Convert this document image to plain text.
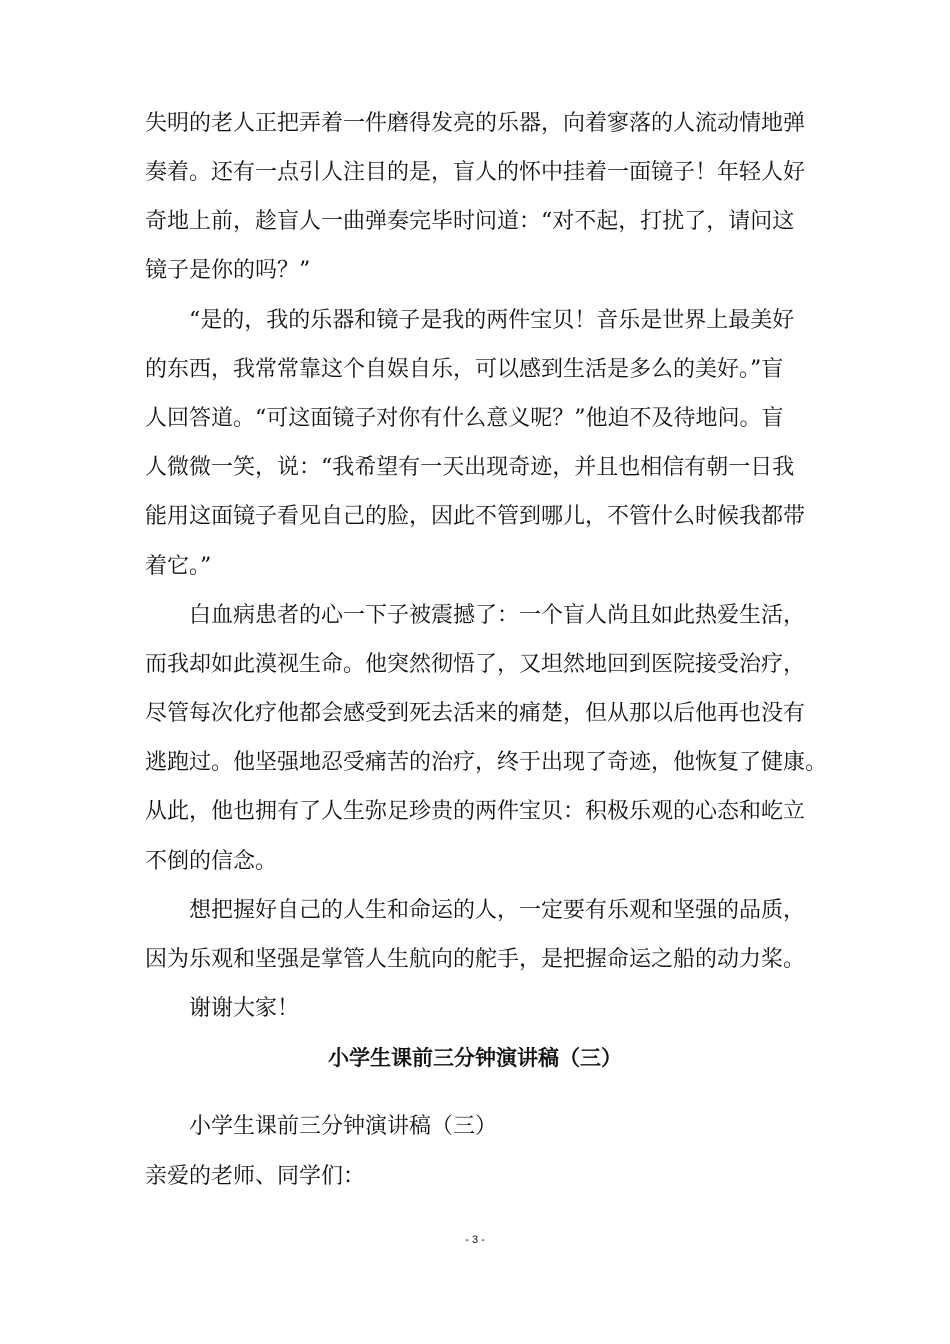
失明的老人正把弄着一件磨得发亮的乐器，向着寥落的人流动情地弹
奏着。还有一点引人注目的是，盲人的怀中挂着一面镜子！年轻人好
奇地上前，趁盲人一曲弹奏完毕时问道：“对不起，打扰了，请问这
镜子是你的吗？”
“是的，我的乐器和镜子是我的两件宝贝！音乐是世界上最美好
的东西，我常常靠这个自娱自乐，可以感到生活是多么的美好。”盲
人回答道。“可这面镜子对你有什么意义呢？”他迫不及待地问。盲
人微微一笑，说：“我希望有一天出现奇迹，并且也相信有朝一日我
能用这面镜子看见自己的脸，因此不管到哪儿，不管什么时候我都带
着它。”
白血病患者的心一下子被震撼了：一个盲人尚且如此热爱生活，
而我却如此漠视生命。他突然彻悟了，又坦然地回到医院接受治疗，
尽管每次化疗他都会感受到死去活来的痛楚，但从那以后他再也没有
逃跑过。他坚强地忍受痛苦的治疗，终于出现了奇迹，他恢复了健康。
从此，他也拥有了人生弥足珍贵的两件宝贝：积极乐观的心态和屹立
不倒的信念。
想把握好自己的人生和命运的人，一定要有乐观和坚强的品质，
因为乐观和坚强是掌管人生航向的舵手，是把握命运之船的动力桨。
谢谢大家！
小学生课前三分钟演讲稿（三）
小学生课前三分钟演讲稿（三）
亲爱的老师、同学们：
- 3 -
